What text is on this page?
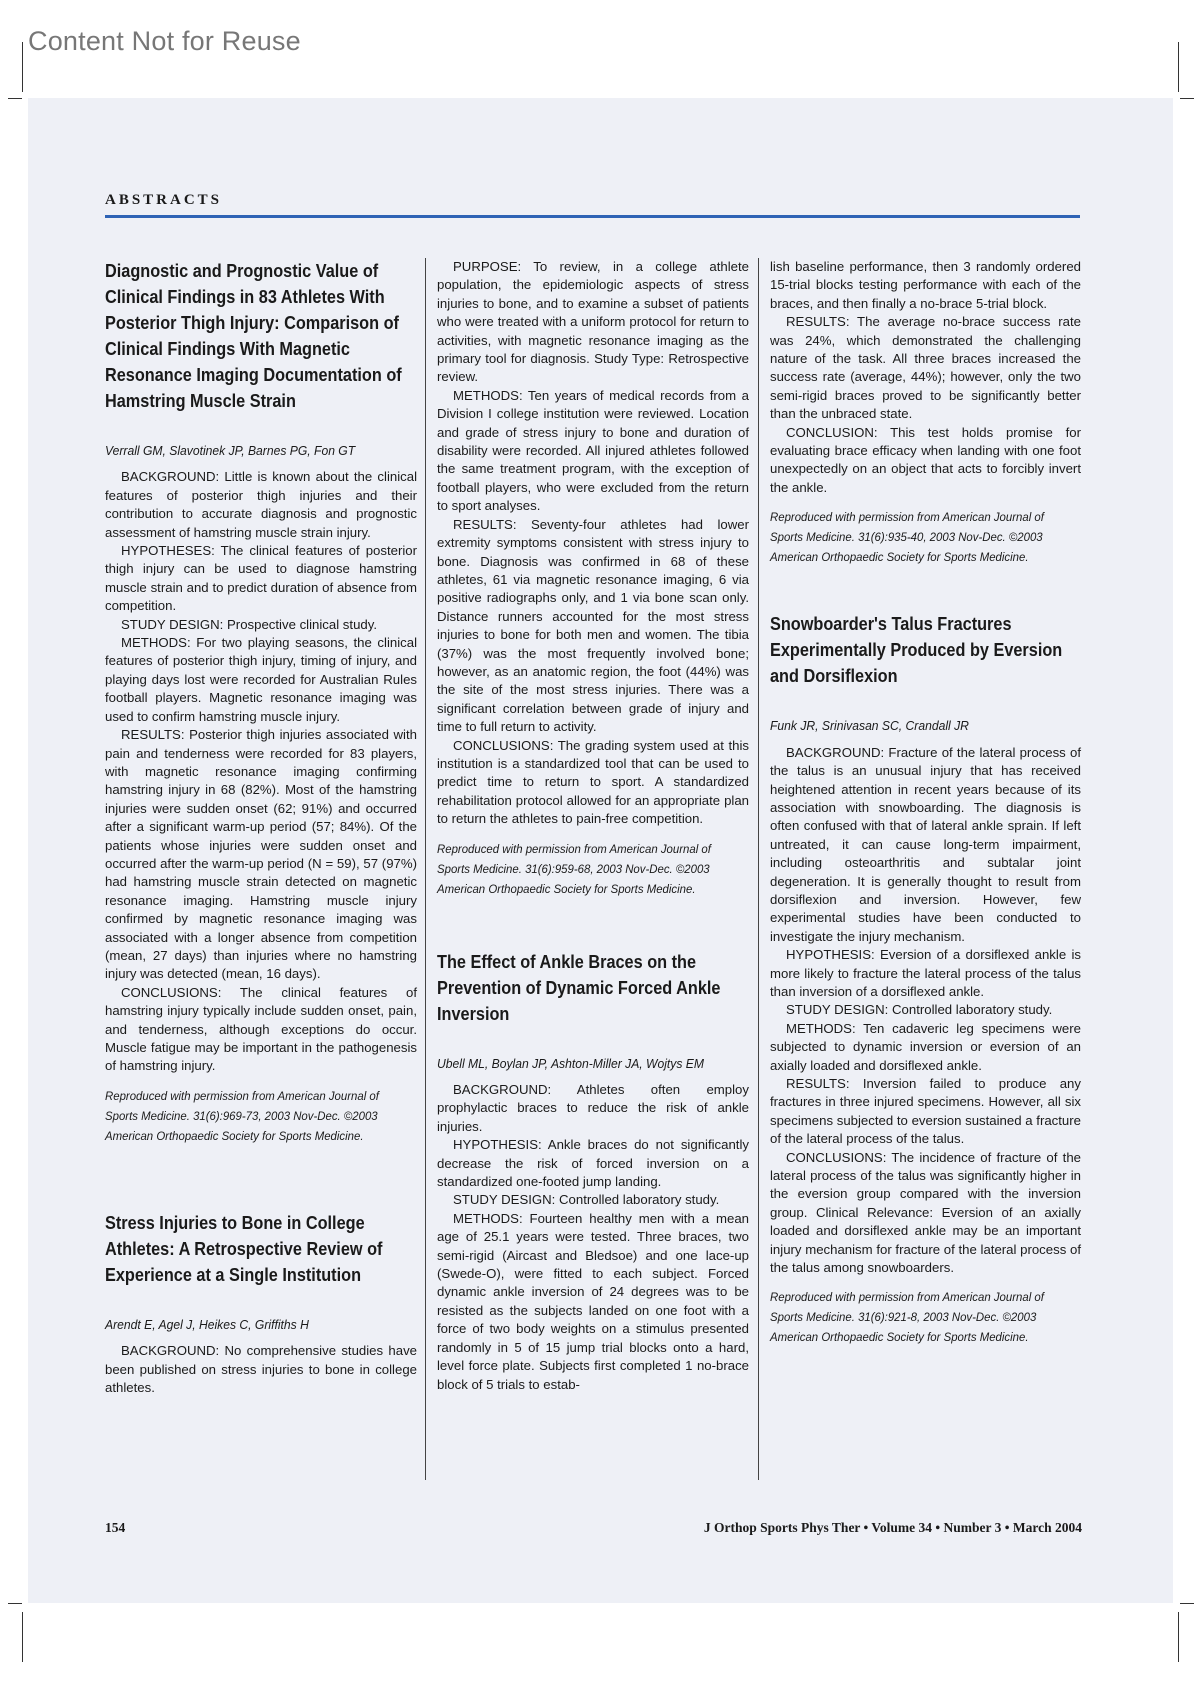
Content Not for Reuse
ABSTRACTS
Diagnostic and Prognostic Value of Clinical Findings in 83 Athletes With Posterior Thigh Injury: Comparison of Clinical Findings With Magnetic Resonance Imaging Documentation of Hamstring Muscle Strain
Verrall GM, Slavotinek JP, Barnes PG, Fon GT

BACKGROUND: Little is known about the clinical features of posterior thigh injuries and their contribution to accurate diagnosis and prognostic assessment of hamstring muscle strain injury.

HYPOTHESES: The clinical features of posterior thigh injury can be used to diagnose hamstring muscle strain and to predict duration of absence from competition.

STUDY DESIGN: Prospective clinical study.

METHODS: For two playing seasons, the clinical features of posterior thigh injury, timing of injury, and playing days lost were recorded for Australian Rules football players. Magnetic resonance imaging was used to confirm hamstring muscle injury.

RESULTS: Posterior thigh injuries associated with pain and tenderness were recorded for 83 players, with magnetic resonance imaging confirming hamstring injury in 68 (82%). Most of the hamstring injuries were sudden onset (62; 91%) and occurred after a significant warm-up period (57; 84%). Of the patients whose injuries were sudden onset and occurred after the warm-up period (N = 59), 57 (97%) had hamstring muscle strain detected on magnetic resonance imaging. Hamstring muscle injury confirmed by magnetic resonance imaging was associated with a longer absence from competition (mean, 27 days) than injuries where no hamstring injury was detected (mean, 16 days).

CONCLUSIONS: The clinical features of hamstring injury typically include sudden onset, pain, and tenderness, although exceptions do occur. Muscle fatigue may be important in the pathogenesis of hamstring injury.

Reproduced with permission from American Journal of Sports Medicine. 31(6):969-73, 2003 Nov-Dec. ©2003 American Orthopaedic Society for Sports Medicine.
Stress Injuries to Bone in College Athletes: A Retrospective Review of Experience at a Single Institution
Arendt E, Agel J, Heikes C, Griffiths H

BACKGROUND: No comprehensive studies have been published on stress injuries to bone in college athletes.

PURPOSE: To review, in a college athlete population, the epidemiologic aspects of stress injuries to bone, and to examine a subset of patients who were treated with a uniform protocol for return to activities, with magnetic resonance imaging as the primary tool for diagnosis. Study Type: Retrospective review.

METHODS: Ten years of medical records from a Division I college institution were reviewed. Location and grade of stress injury to bone and duration of disability were recorded. All injured athletes followed the same treatment program, with the exception of football players, who were excluded from the return to sport analyses.

RESULTS: Seventy-four athletes had lower extremity symptoms consistent with stress injury to bone. Diagnosis was confirmed in 68 of these athletes, 61 via magnetic resonance imaging, 6 via positive radiographs only, and 1 via bone scan only. Distance runners accounted for the most stress injuries to bone for both men and women. The tibia (37%) was the most frequently involved bone; however, as an anatomic region, the foot (44%) was the site of the most stress injuries. There was a significant correlation between grade of injury and time to full return to activity.

CONCLUSIONS: The grading system used at this institution is a standardized tool that can be used to predict time to return to sport. A standardized rehabilitation protocol allowed for an appropriate plan to return the athletes to pain-free competition.

Reproduced with permission from American Journal of Sports Medicine. 31(6):959-68, 2003 Nov-Dec. ©2003 American Orthopaedic Society for Sports Medicine.
The Effect of Ankle Braces on the Prevention of Dynamic Forced Ankle Inversion
Ubell ML, Boylan JP, Ashton-Miller JA, Wojtys EM

BACKGROUND: Athletes often employ prophylactic braces to reduce the risk of ankle injuries.

HYPOTHESIS: Ankle braces do not significantly decrease the risk of forced inversion on a standardized one-footed jump landing.

STUDY DESIGN: Controlled laboratory study.

METHODS: Fourteen healthy men with a mean age of 25.1 years were tested. Three braces, two semi-rigid (Aircast and Bledsoe) and one lace-up (Swede-O), were fitted to each subject. Forced dynamic ankle inversion of 24 degrees was to be resisted as the subjects landed on one foot with a force of two body weights on a stimulus presented randomly in 5 of 15 jump trial blocks onto a hard, level force plate. Subjects first completed 1 no-brace block of 5 trials to estab-

lish baseline performance, then 3 randomly ordered 15-trial blocks testing performance with each of the braces, and then finally a no-brace 5-trial block.

RESULTS: The average no-brace success rate was 24%, which demonstrated the challenging nature of the task. All three braces increased the success rate (average, 44%); however, only the two semi-rigid braces proved to be significantly better than the unbraced state.

CONCLUSION: This test holds promise for evaluating brace efficacy when landing with one foot unexpectedly on an object that acts to forcibly invert the ankle.

Reproduced with permission from American Journal of Sports Medicine. 31(6):935-40, 2003 Nov-Dec. ©2003 American Orthopaedic Society for Sports Medicine.
Snowboarder's Talus Fractures Experimentally Produced by Eversion and Dorsiflexion
Funk JR, Srinivasan SC, Crandall JR

BACKGROUND: Fracture of the lateral process of the talus is an unusual injury that has received heightened attention in recent years because of its association with snowboarding. The diagnosis is often confused with that of lateral ankle sprain. If left untreated, it can cause long-term impairment, including osteoarthritis and subtalar joint degeneration. It is generally thought to result from dorsiflexion and inversion. However, few experimental studies have been conducted to investigate the injury mechanism.

HYPOTHESIS: Eversion of a dorsiflexed ankle is more likely to fracture the lateral process of the talus than inversion of a dorsiflexed ankle.

STUDY DESIGN: Controlled laboratory study.

METHODS: Ten cadaveric leg specimens were subjected to dynamic inversion or eversion of an axially loaded and dorsiflexed ankle.

RESULTS: Inversion failed to produce any fractures in three injured specimens. However, all six specimens subjected to eversion sustained a fracture of the lateral process of the talus.

CONCLUSIONS: The incidence of fracture of the lateral process of the talus was significantly higher in the eversion group compared with the inversion group. Clinical Relevance: Eversion of an axially loaded and dorsiflexed ankle may be an important injury mechanism for fracture of the lateral process of the talus among snowboarders.

Reproduced with permission from American Journal of Sports Medicine. 31(6):921-8, 2003 Nov-Dec. ©2003 American Orthopaedic Society for Sports Medicine.
154	J Orthop Sports Phys Ther • Volume 34 • Number 3 • March 2004
